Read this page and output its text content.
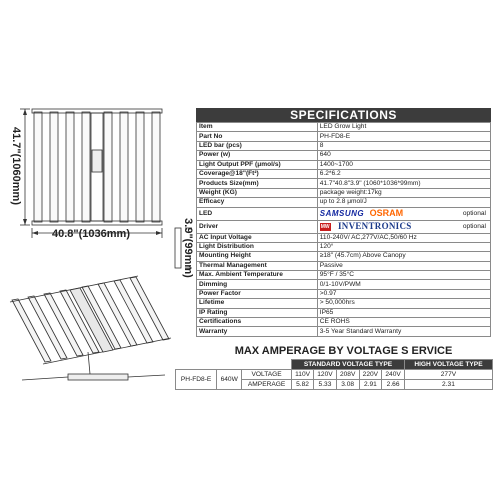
41.7"(1060mm)
40.8"(1036mm)	3.9"(99mm)
SPECIFICATIONS
Item	LED Grow Light
Part No	PH-FD8-E
LED bar (pcs)	8
Power (w)	640
Light Output PPF (μmol/s)	1400~1700
Coverage@18"(Ft²)	6.2*6.2
Products Size(mm)	41.7"40.8"3.9" (1060*1036*99mm)
Weight (KG)	package weight:17kg
Efficacy	up to 2.8 μmol/J
LED	SAMSUNG OSRAM optional

Driver	MW INVENTRONICS optional

AC Input Voltage	110-240V/ AC,277V/AC,50/60 Hz
Light Distribution	120°
Mounting Height	≥18" (45.7cm) Above Canopy
Thermal Management	Passive
Max. Ambient Temperature	95°F / 35°C
Dimming	0/1-10V/PWM
Power Factor	>0.97
Lifetime	> 50,000hrs
IP Rating	IP65
Certifications	CE ROHS
Warranty	3-5 Year Standard Warranty
MAX AMPERAGE BY VOLTAGE S ERVICE
			STANDARD VOLTAGE TYPE					HIGH VOLTAGE TYPE
PH-FD8-E	640W	VOLTAGE	110V	120V	208V	220V	240V	277V
		AMPERAGE	5.82	5.33	3.08	2.91	2.66	2.31
